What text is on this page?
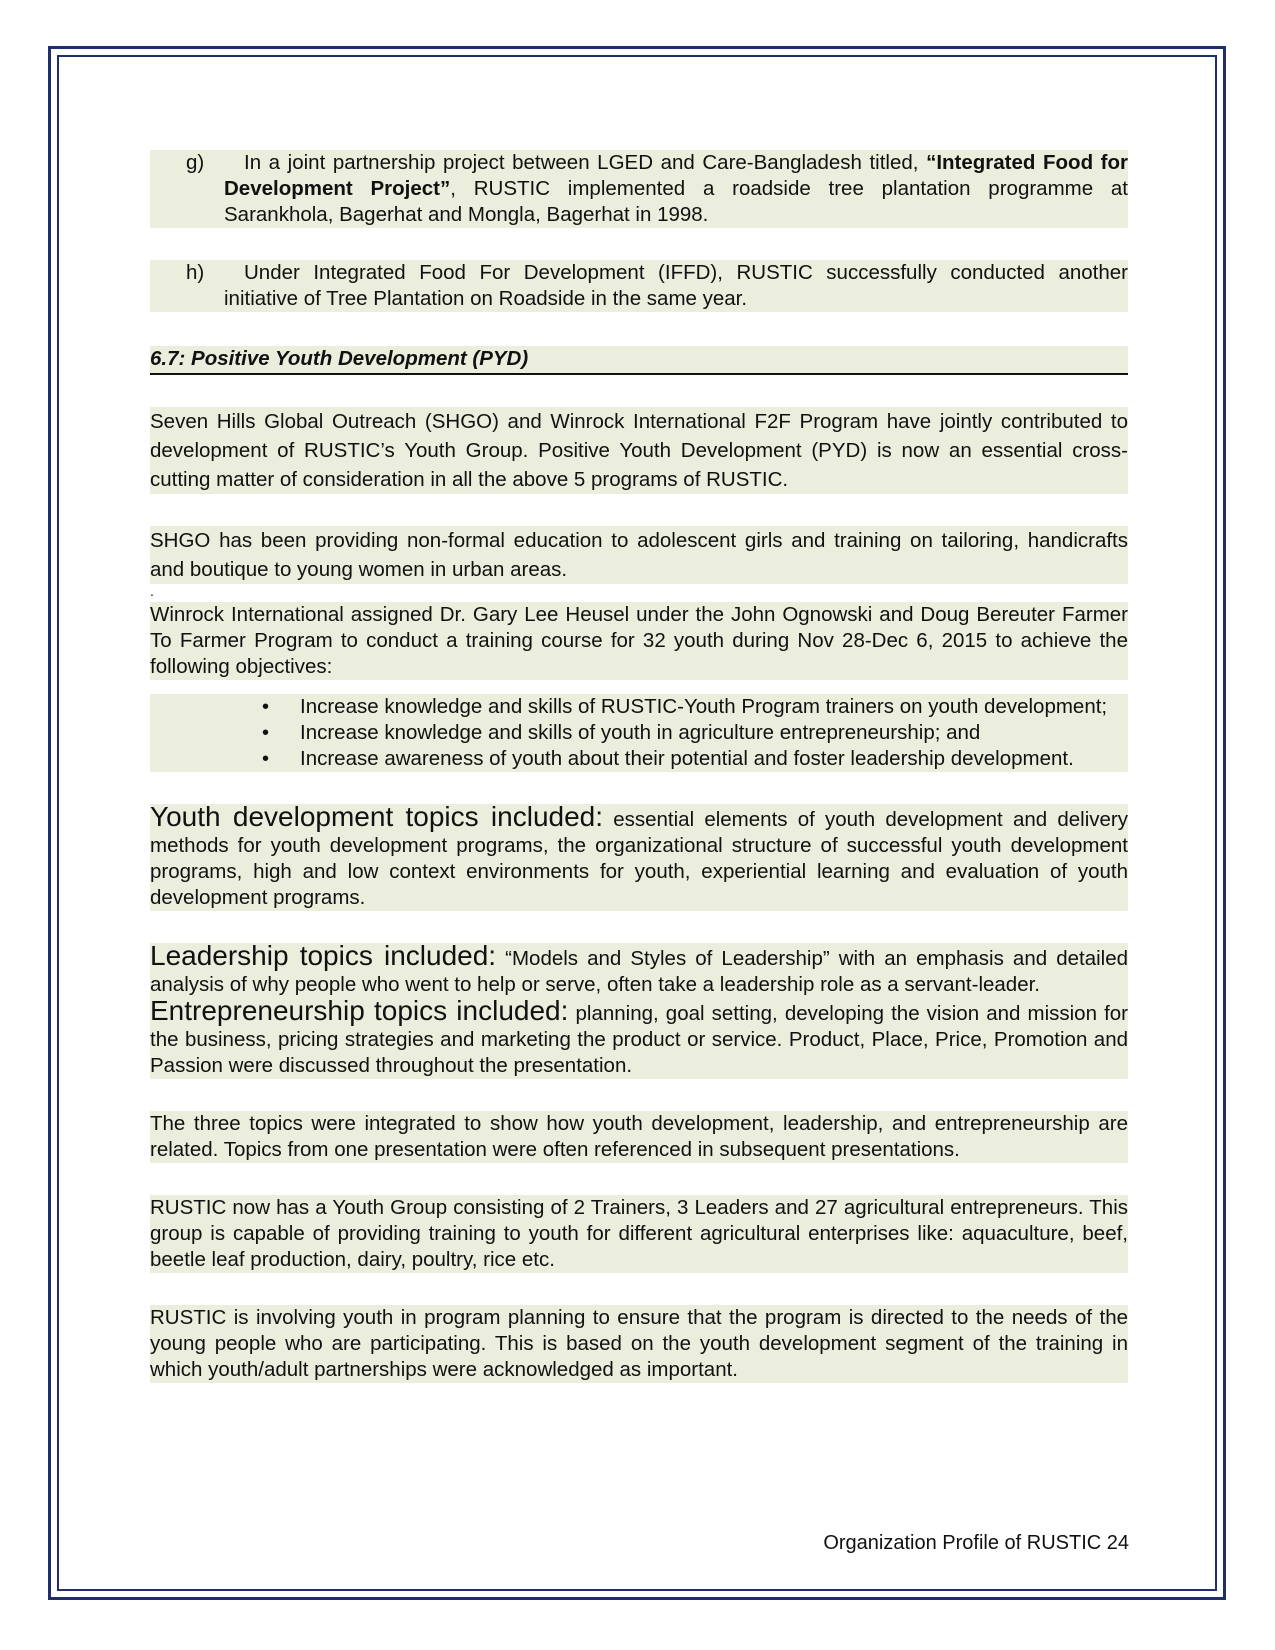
g) In a joint partnership project between LGED and Care-Bangladesh titled, “Integrated Food for Development Project”, RUSTIC implemented a roadside tree plantation programme at Sarankhola, Bagerhat and Mongla, Bagerhat in 1998.
h) Under Integrated Food For Development (IFFD), RUSTIC successfully conducted another initiative of Tree Plantation on Roadside in the same year.
6.7: Positive Youth Development (PYD)

Seven Hills Global Outreach (SHGO) and Winrock International F2F Program have jointly contributed to development of RUSTIC’s Youth Group. Positive Youth Development (PYD) is now an essential cross-cutting matter of consideration in all the above 5 programs of RUSTIC.

SHGO has been providing non-formal education to adolescent girls and training on tailoring, handicrafts and boutique to young women in urban areas.

.

Winrock International assigned Dr. Gary Lee Heusel under the John Ognowski and Doug Bereuter Farmer To Farmer Program to conduct a training course for 32 youth during Nov 28-Dec 6, 2015 to achieve the following objectives:

• Increase knowledge and skills of RUSTIC-Youth Program trainers on youth development;
• Increase knowledge and skills of youth in agriculture entrepreneurship; and
• Increase awareness of youth about their potential and foster leadership development.

Youth development topics included: essential elements of youth development and delivery methods for youth development programs, the organizational structure of successful youth development programs, high and low context environments for youth, experiential learning and evaluation of youth development programs.

Leadership topics included: “Models and Styles of Leadership” with an emphasis and detailed analysis of why people who went to help or serve, often take a leadership role as a servant-leader.

Entrepreneurship topics included: planning, goal setting, developing the vision and mission for the business, pricing strategies and marketing the product or service. Product, Place, Price, Promotion and Passion were discussed throughout the presentation.

The three topics were integrated to show how youth development, leadership, and entrepreneurship are related. Topics from one presentation were often referenced in subsequent presentations.

RUSTIC now has a Youth Group consisting of 2 Trainers, 3 Leaders and 27 agricultural entrepreneurs. This group is capable of providing training to youth for different agricultural enterprises like: aquaculture, beef, beetle leaf production, dairy, poultry, rice etc.

RUSTIC is involving youth in program planning to ensure that the program is directed to the needs of the young people who are participating. This is based on the youth development segment of the training in which youth/adult partnerships were acknowledged as important.

Organization Profile of RUSTIC 24
